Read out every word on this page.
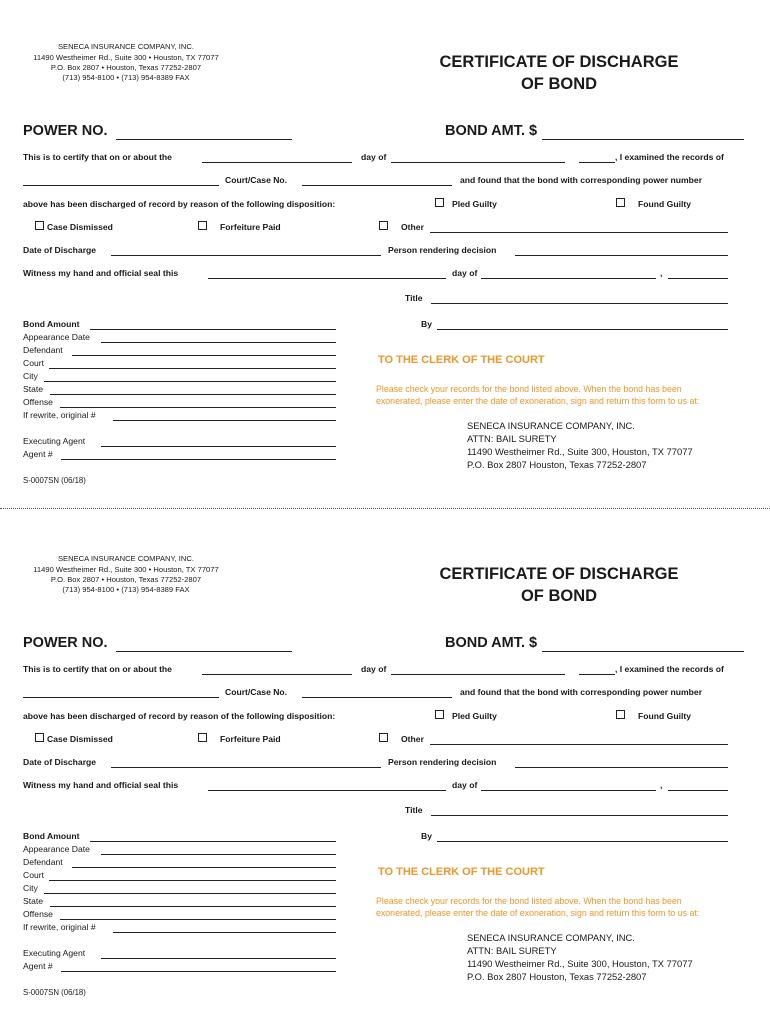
SENECA INSURANCE COMPANY, INC.
11490 Westheimer Rd., Suite 300 • Houston, TX 77077
P.O. Box 2807 • Houston, Texas 77252-2807
(713) 954-8100 • (713) 954-8389 FAX
CERTIFICATE OF DISCHARGE
OF BOND
POWER NO.	BOND AMT. $
This is to certify that on or about the	day of	, I examined the records of
Court/Case No.	and found that the bond with corresponding power number
above has been discharged of record by reason of the following disposition:	Pled Guilty	Found Guilty
Case Dismissed	Forfeiture Paid	Other
Date of Discharge	Person rendering decision
Witness my hand and official seal this	day of	,
Title
Bond Amount	By
Appearance Date
Defendant
Court
City
State
Offense
If rewrite, original #
Executing Agent
Agent #
TO THE CLERK OF THE COURT
Please check your records for the bond listed above. When the bond has been exonerated, please enter the date of exoneration, sign and return this form to us at:
SENECA INSURANCE COMPANY, INC.
ATTN: BAIL SURETY
11490 Westheimer Rd., Suite 300, Houston, TX 77077
P.O. Box 2807 Houston, Texas 77252-2807
S-0007SN (06/18)
SENECA INSURANCE COMPANY, INC.
11490 Westheimer Rd., Suite 300 • Houston, TX 77077
P.O. Box 2807 • Houston, Texas 77252-2807
(713) 954-8100 • (713) 954-8389 FAX
CERTIFICATE OF DISCHARGE
OF BOND
POWER NO.	BOND AMT. $
This is to certify that on or about the	day of	, I examined the records of
Court/Case No.	and found that the bond with corresponding power number
above has been discharged of record by reason of the following disposition:	Pled Guilty	Found Guilty
Case Dismissed	Forfeiture Paid	Other
Date of Discharge	Person rendering decision
Witness my hand and official seal this	day of	,
Title
Bond Amount	By
Appearance Date
Defendant
Court
City
State
Offense
If rewrite, original #
Executing Agent
Agent #
TO THE CLERK OF THE COURT
Please check your records for the bond listed above. When the bond has been exonerated, please enter the date of exoneration, sign and return this form to us at:
SENECA INSURANCE COMPANY, INC.
ATTN: BAIL SURETY
11490 Westheimer Rd., Suite 300, Houston, TX 77077
P.O. Box 2807 Houston, Texas 77252-2807
S-0007SN (06/18)
